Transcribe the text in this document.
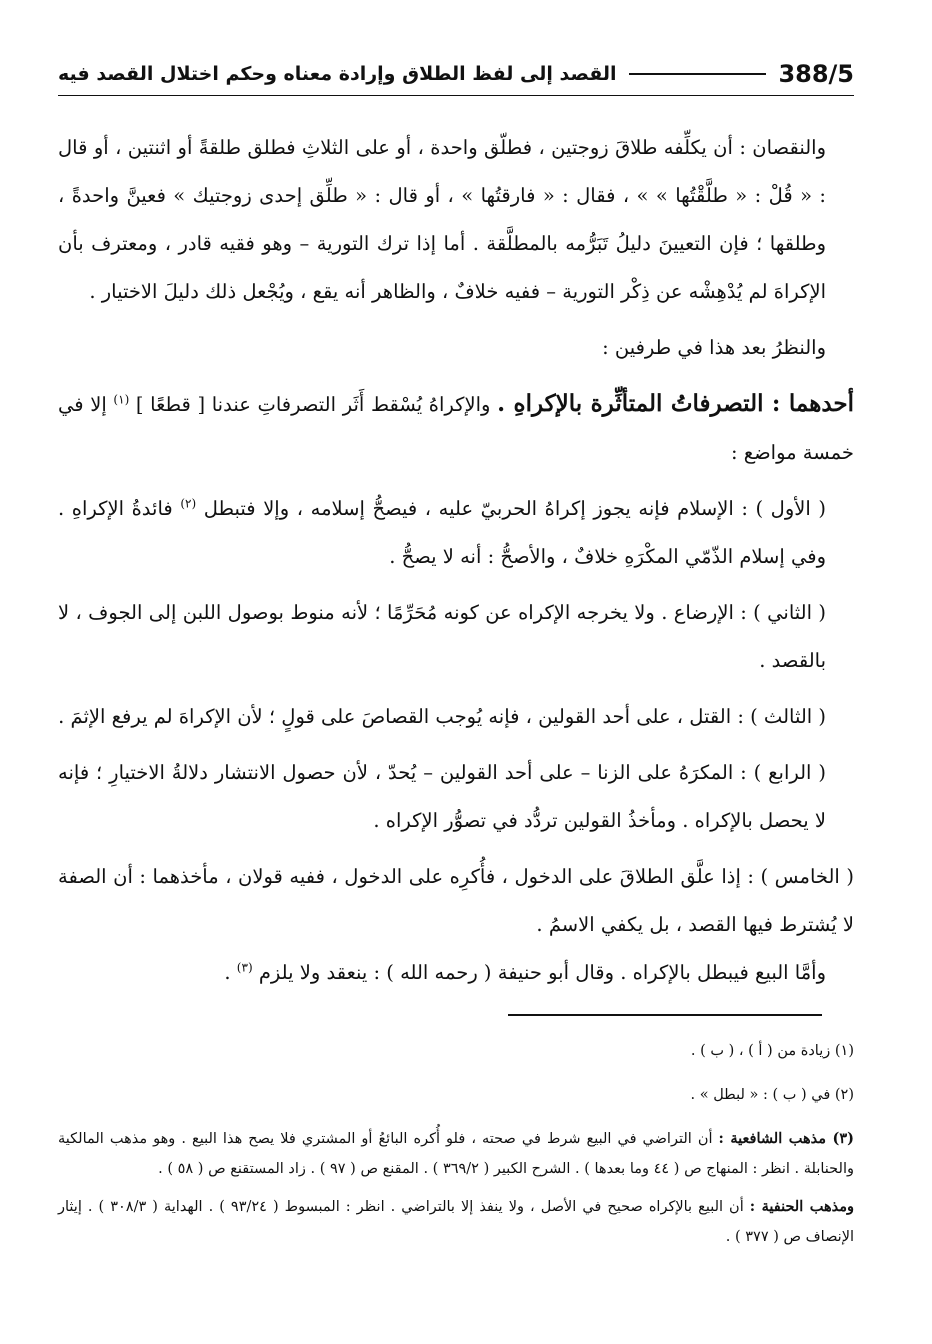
388/5
القصد إلى لفظ الطلاق وإرادة معناه وحكم اختلال القصد فيه

والنقصان : أن يكلِّفه طلاقَ زوجتين ، فطلّق واحدة ، أو على الثلاثِ فطلق طلقةً أو اثنتين ، أو قال : « قُلْ : « طلَّقْتُها » » ، فقال : « فارقتُها » ، أو قال : « طلِّق إحدى زوجتيك » فعينَّ واحدةً ، وطلقها ؛ فإن التعيينَ دليلُ تَبَرُّمه بالمطلَّقة . أما إذا ترك التورية – وهو فقيه قادر ، ومعترف بأن الإكراهَ لم يُدْهِشْه عن ذِكْر التورية – ففيه خلافٌ ، والظاهر أنه يقع ، ويُجْعل ذلك دليلَ الاختيار .

والنظرُ بعد هذا في طرفين :

أحدهما : التصرفاتُ المتأثِّرة بالإكراهِ . والإكراهُ يُسْقط أَثَر التصرفاتِ عندنا [ قطعًا ] $^{(١)}$ إلا في خمسة مواضع :

( الأول ) : الإسلام فإنه يجوز إكراهُ الحربيّ عليه ، فيصحُّ إسلامه ، وإلا فتبطل $^{(٢)}$ فائدةُ الإكراهِ . وفي إسلام الذّمّي المكْرَهِ خلافٌ ، والأصحُّ : أنه لا يصحُّ .

( الثاني ) : الإرضاع . ولا يخرجه الإكراه عن كونه مُحَرِّمًا ؛ لأنه منوط بوصول اللبن إلى الجوف ، لا بالقصد .

( الثالث ) : القتل ، على أحد القولين ، فإنه يُوجب القصاصَ على قولٍ ؛ لأن الإكراهَ لم يرفع الإثمَ .

( الرابع ) : المكرَهُ على الزنا – على أحد القولين – يُحدّ ، لأن حصول الانتشار دلالةُ الاختيارِ ؛ فإنه لا يحصل بالإكراه . ومأخذُ القولين تردُّد في تصوُّر الإكراه .

( الخامس ) : إذا علَّق الطلاقَ على الدخول ، فأُكرِه على الدخول ، ففيه قولان ، مأخذهما : أن الصفة لا يُشترط فيها القصد ، بل يكفي الاسمُ .

وأمَّا البيع فيبطل بالإكراه . وقال أبو حنيفة ( رحمه الله ) : ينعقد ولا يلزم $^{(٣)}$ .

(١) زيادة من ( أ ) ، ( ب ) .

(٢) في ( ب ) : « لبطل » .

(٣) مذهب الشافعية : أن التراضي في البيع شرط في صحته ، فلو أُكره البائعُ أو المشتري فلا يصح هذا البيع . وهو مذهب المالكية والحنابلة . انظر : المنهاج ص ( ٤٤ وما بعدها ) . الشرح الكبير ( ٣٦٩/٢ ) . المقنع ص ( ٩٧ ) . زاد المستقنع ص ( ٥٨ ) .

ومذهب الحنفية : أن البيع بالإكراه صحيح في الأصل ، ولا ينفذ إلا بالتراضي . انظر : المبسوط ( ٩٣/٢٤ ) . الهداية ( ٣٠٨/٣ ) . إيثار الإنصاف ص ( ٣٧٧ ) .
